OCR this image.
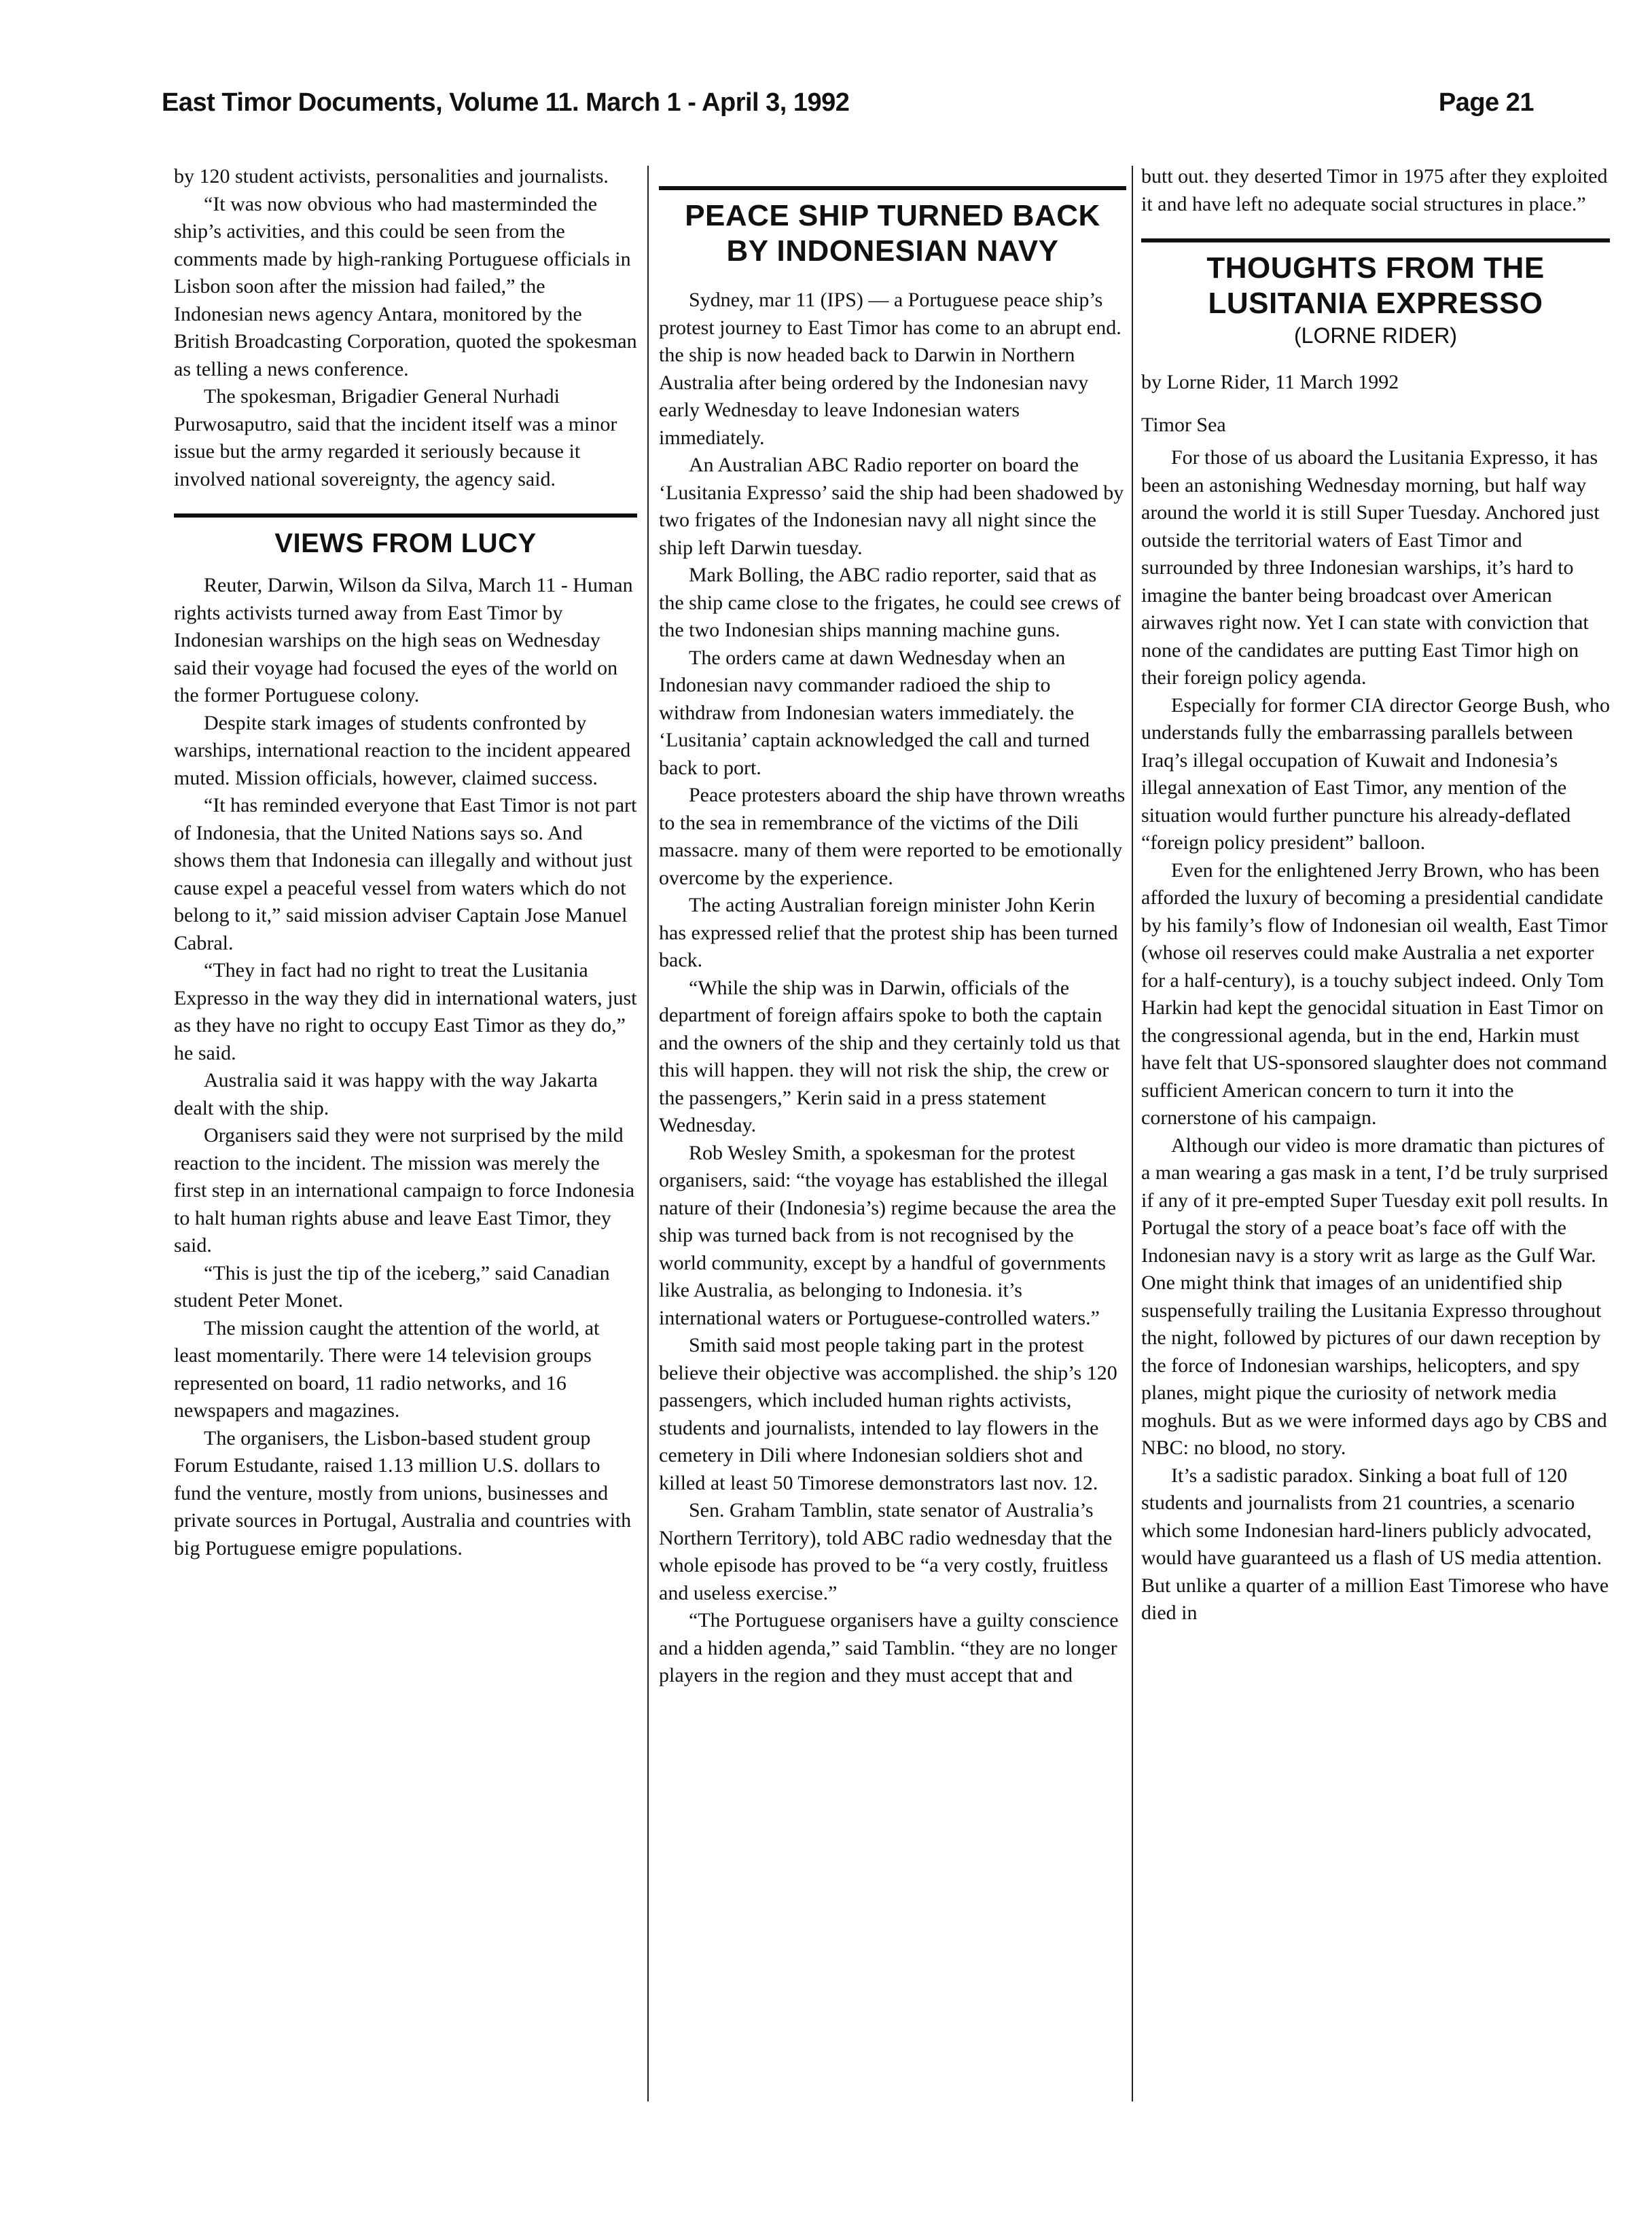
East Timor Documents, Volume 11. March 1 - April 3, 1992	Page 21

by 120 student activists, personalities and journalists.

“It was now obvious who had masterminded the ship’s activities, and this could be seen from the comments made by high-ranking Portuguese officials in Lisbon soon after the mission had failed,” the Indonesian news agency Antara, monitored by the British Broadcasting Corporation, quoted the spokesman as telling a news conference.

The spokesman, Brigadier General Nurhadi Purwosaputro, said that the incident itself was a minor issue but the army regarded it seriously because it involved national sovereignty, the agency said.

VIEWS FROM LUCY

Reuter, Darwin, Wilson da Silva, March 11 - Human rights activists turned away from East Timor by Indonesian warships on the high seas on Wednesday said their voyage had focused the eyes of the world on the former Portuguese colony.

Despite stark images of students confronted by warships, international reaction to the incident appeared muted. Mission officials, however, claimed success.

“It has reminded everyone that East Timor is not part of Indonesia, that the United Nations says so. And shows them that Indonesia can illegally and without just cause expel a peaceful vessel from waters which do not belong to it,” said mission adviser Captain Jose Manuel Cabral.

“They in fact had no right to treat the Lusitania Expresso in the way they did in international waters, just as they have no right to occupy East Timor as they do,” he said.

Australia said it was happy with the way Jakarta dealt with the ship.

Organisers said they were not surprised by the mild reaction to the incident. The mission was merely the first step in an international campaign to force Indonesia to halt human rights abuse and leave East Timor, they said.

“This is just the tip of the iceberg,” said Canadian student Peter Monet.

The mission caught the attention of the world, at least momentarily. There were 14 television groups represented on board, 11 radio networks, and 16 newspapers and magazines.

The organisers, the Lisbon-based student group Forum Estudante, raised 1.13 million U.S. dollars to fund the venture, mostly from unions, businesses and private sources in Portugal, Australia and countries with big Portuguese emigre populations.

PEACE SHIP TURNED BACK
BY INDONESIAN NAVY

Sydney, mar 11 (IPS) — a Portuguese peace ship’s protest journey to East Timor has come to an abrupt end. the ship is now headed back to Darwin in Northern Australia after being ordered by the Indonesian navy early Wednesday to leave Indonesian waters immediately.

An Australian ABC Radio reporter on board the ‘Lusitania Expresso’ said the ship had been shadowed by two frigates of the Indonesian navy all night since the ship left Darwin tuesday.

Mark Bolling, the ABC radio reporter, said that as the ship came close to the frigates, he could see crews of the two Indonesian ships manning machine guns.

The orders came at dawn Wednesday when an Indonesian navy commander radioed the ship to withdraw from Indonesian waters immediately. the ‘Lusitania’ captain acknowledged the call and turned back to port.

Peace protesters aboard the ship have thrown wreaths to the sea in remembrance of the victims of the Dili massacre. many of them were reported to be emotionally overcome by the experience.

The acting Australian foreign minister John Kerin has expressed relief that the protest ship has been turned back.

“While the ship was in Darwin, officials of the department of foreign affairs spoke to both the captain and the owners of the ship and they certainly told us that this will happen. they will not risk the ship, the crew or the passengers,” Kerin said in a press statement Wednesday.

Rob Wesley Smith, a spokesman for the protest organisers, said: “the voyage has established the illegal nature of their (Indonesia’s) regime because the area the ship was turned back from is not recognised by the world community, except by a handful of governments like Australia, as belonging to Indonesia. it’s international waters or Portuguese-controlled waters.”

Smith said most people taking part in the protest believe their objective was accomplished. the ship’s 120 passengers, which included human rights activists, students and journalists, intended to lay flowers in the cemetery in Dili where Indonesian soldiers shot and killed at least 50 Timorese demonstrators last nov. 12.

Sen. Graham Tamblin, state senator of Australia’s Northern Territory), told ABC radio wednesday that the whole episode has proved to be “a very costly, fruitless and useless exercise.”

“The Portuguese organisers have a guilty conscience and a hidden agenda,” said Tamblin. “they are no longer players in the region and they must accept that and

butt out. they deserted Timor in 1975 after they exploited it and have left no adequate social structures in place.”

THOUGHTS FROM THE
LUSITANIA EXPRESSO
(LORNE RIDER)

by Lorne Rider, 11 March 1992

Timor Sea

For those of us aboard the Lusitania Expresso, it has been an astonishing Wednesday morning, but half way around the world it is still Super Tuesday. Anchored just outside the territorial waters of East Timor and surrounded by three Indonesian warships, it’s hard to imagine the banter being broadcast over American airwaves right now. Yet I can state with conviction that none of the candidates are putting East Timor high on their foreign policy agenda.

Especially for former CIA director George Bush, who understands fully the embarrassing parallels between Iraq’s illegal occupation of Kuwait and Indonesia’s illegal annexation of East Timor, any mention of the situation would further puncture his already-deflated “foreign policy president” balloon.

Even for the enlightened Jerry Brown, who has been afforded the luxury of becoming a presidential candidate by his family’s flow of Indonesian oil wealth, East Timor (whose oil reserves could make Australia a net exporter for a half-century), is a touchy subject indeed. Only Tom Harkin had kept the genocidal situation in East Timor on the congressional agenda, but in the end, Harkin must have felt that US-sponsored slaughter does not command sufficient American concern to turn it into the cornerstone of his campaign.

Although our video is more dramatic than pictures of a man wearing a gas mask in a tent, I’d be truly surprised if any of it pre-empted Super Tuesday exit poll results. In Portugal the story of a peace boat’s face off with the Indonesian navy is a story writ as large as the Gulf War. One might think that images of an unidentified ship suspensefully trailing the Lusitania Expresso throughout the night, followed by pictures of our dawn reception by the force of Indonesian warships, helicopters, and spy planes, might pique the curiosity of network media moghuls. But as we were informed days ago by CBS and NBC: no blood, no story.

It’s a sadistic paradox. Sinking a boat full of 120 students and journalists from 21 countries, a scenario which some Indonesian hard-liners publicly advocated, would have guaranteed us a flash of US media attention. But unlike a quarter of a million East Timorese who have died in
